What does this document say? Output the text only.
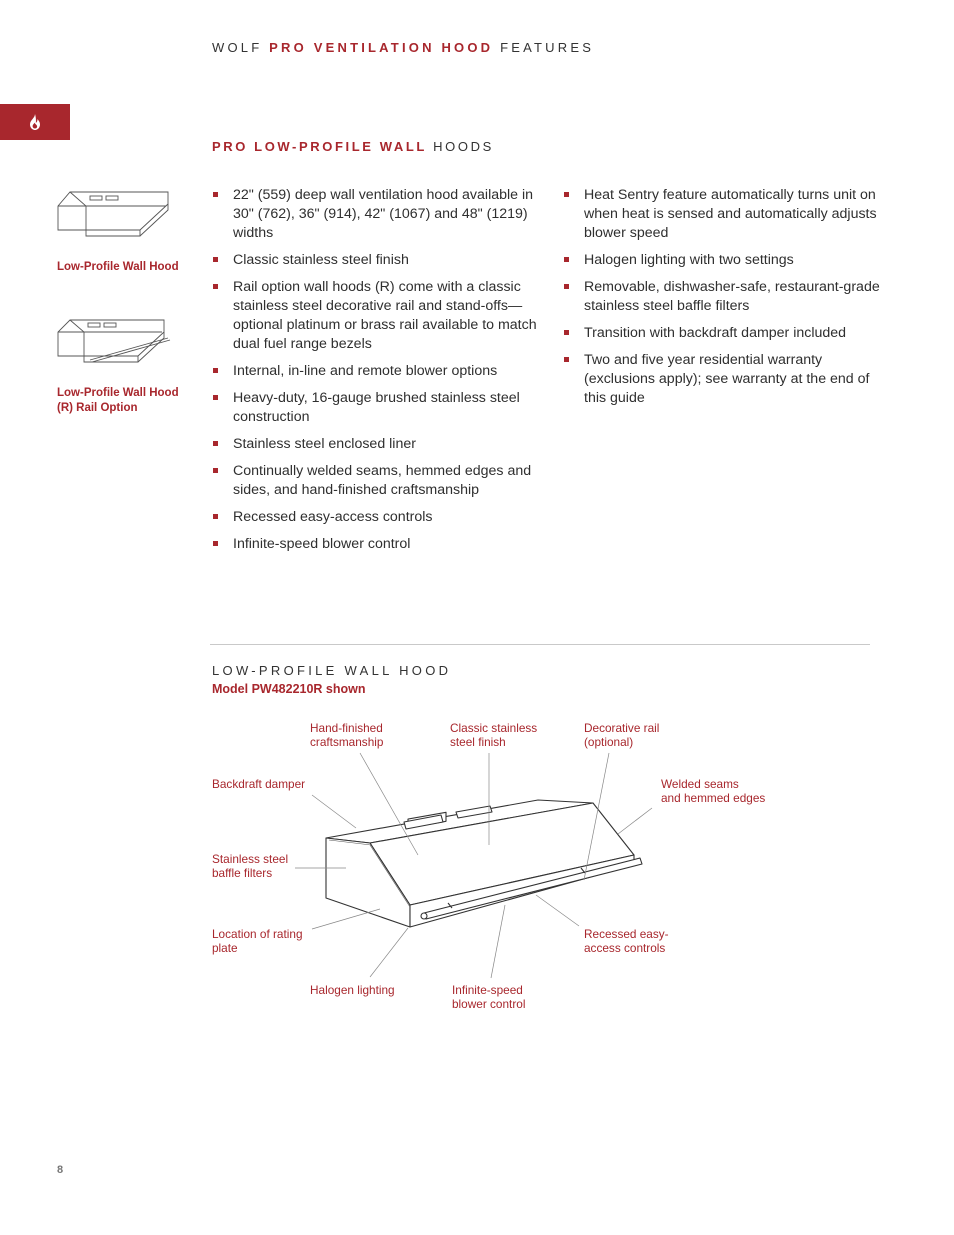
WOLF PRO VENTILATION HOOD FEATURES
PRO LOW-PROFILE WALL HOODS
Low-Profile Wall Hood
Low-Profile Wall Hood
(R) Rail Option
22" (559) deep wall ventilation hood available in 30" (762), 36" (914), 42" (1067) and 48" (1219) widths
Classic stainless steel finish
Rail option wall hoods (R) come with a classic stainless steel decorative rail and stand-offs—optional platinum or brass rail available to match dual fuel range bezels
Internal, in-line and remote blower options
Heavy-duty, 16-gauge brushed stainless steel construction
Stainless steel enclosed liner
Continually welded seams, hemmed edges and sides, and hand-finished craftsmanship
Recessed easy-access controls
Infinite-speed blower control
Heat Sentry feature automatically turns unit on when heat is sensed and automatically adjusts blower speed
Halogen lighting with two settings
Removable, dishwasher-safe, restaurant-grade stainless steel baffle filters
Transition with backdraft damper included
Two and five year residential warranty (exclusions apply); see warranty at the end of this guide
LOW-PROFILE WALL HOOD
Model PW482210R shown
Hand-finished
craftsmanship
Classic stainless
steel finish
Decorative rail
(optional)
Backdraft damper	Welded seams
and hemmed edges
Stainless steel
baffle filters
Location of rating
plate
Recessed easy-
access controls
Halogen lighting	Infinite-speed
blower control
8
